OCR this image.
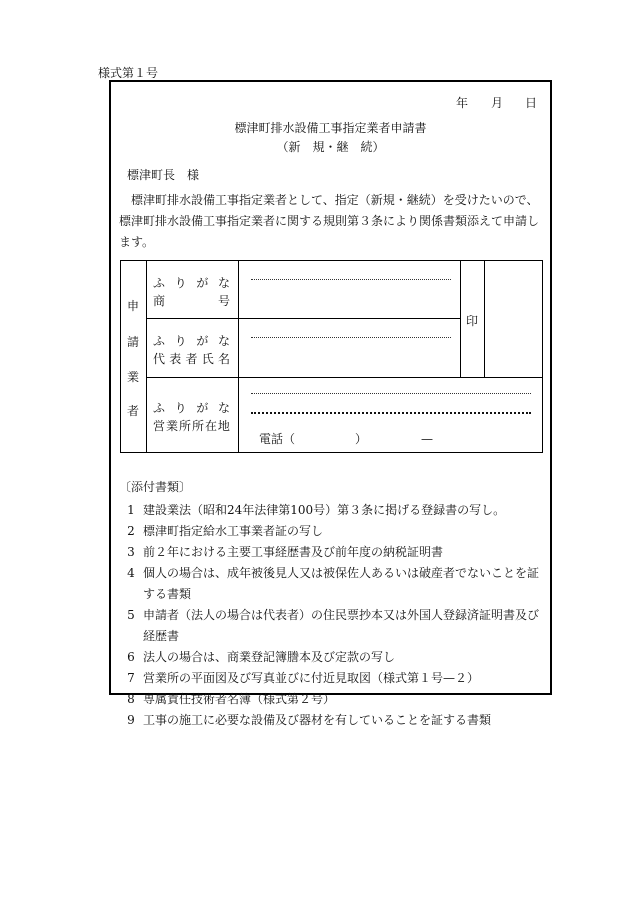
様式第１号
年 月 日
標津町排水設備工事指定業者申請書
（新　規・継　続）
標津町長　様
標津町排水設備工事指定業者として、指定（新規・継続）を受けたいので、標津町排水設備工事指定業者に関する規則第３条により関係書類添えて申請します。
申
請
業
者
ふ り が な
商	号
ふ り が な
代 表 者 氏 名
印
ふ り が な
営 業 所 所 在 地
電話（　　　　　）　　　　　—
〔添付書類〕
1 建設業法（昭和24年法律第100号）第３条に掲げる登録書の写し。
2 標津町指定給水工事業者証の写し
3 前２年における主要工事経歴書及び前年度の納税証明書
4 個人の場合は、成年被後見人又は被保佐人あるいは破産者でないことを証する書類
5 申請者（法人の場合は代表者）の住民票抄本又は外国人登録済証明書及び経歴書
6 法人の場合は、商業登記簿謄本及び定款の写し
7 営業所の平面図及び写真並びに付近見取図（様式第１号—２）
8 専属責任技術者名簿（様式第２号）
9 工事の施工に必要な設備及び器材を有していることを証する書類
